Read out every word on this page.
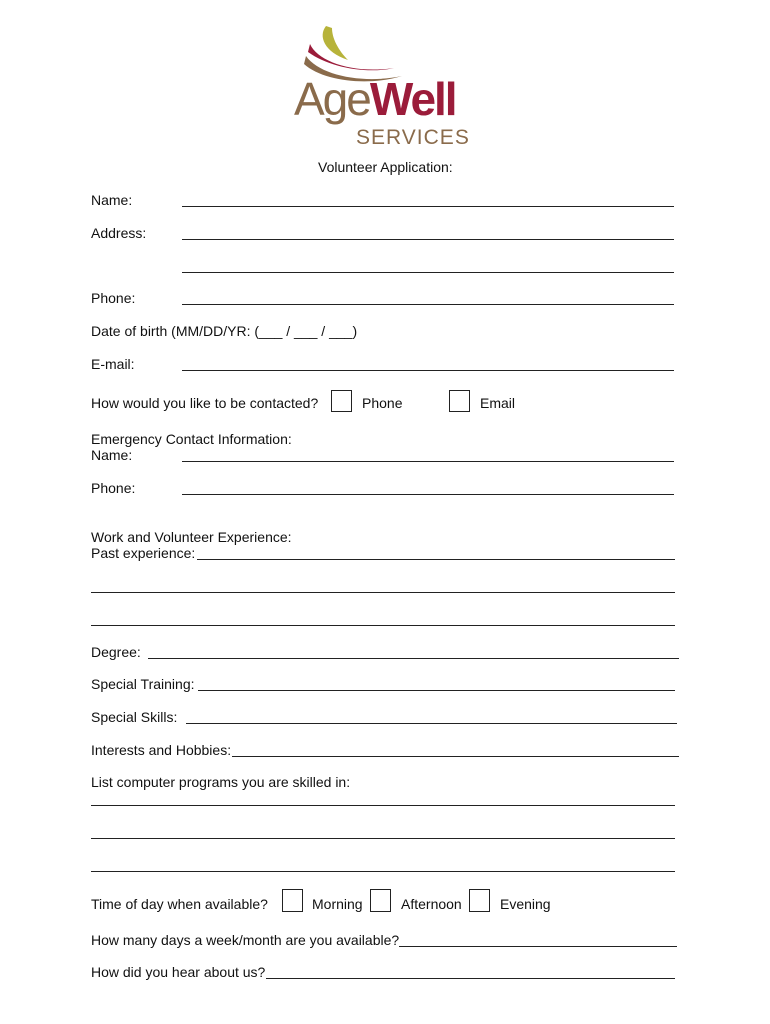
AgeWell
SERVICES
Volunteer Application:
Name:
Address:
Phone:
Date of birth (MM/DD/YR: (___ / ___ / ___)
E-mail:
How would you like to be contacted?	Phone	Email
Emergency Contact Information:
Name:
Phone:
Work and Volunteer Experience:
Past experience:
Degree:
Special Training:
Special Skills:
Interests and Hobbies:
List computer programs you are skilled in:
Time of day when available?	Morning	Afternoon	Evening
How many days a week/month are you available?
How did you hear about us?
